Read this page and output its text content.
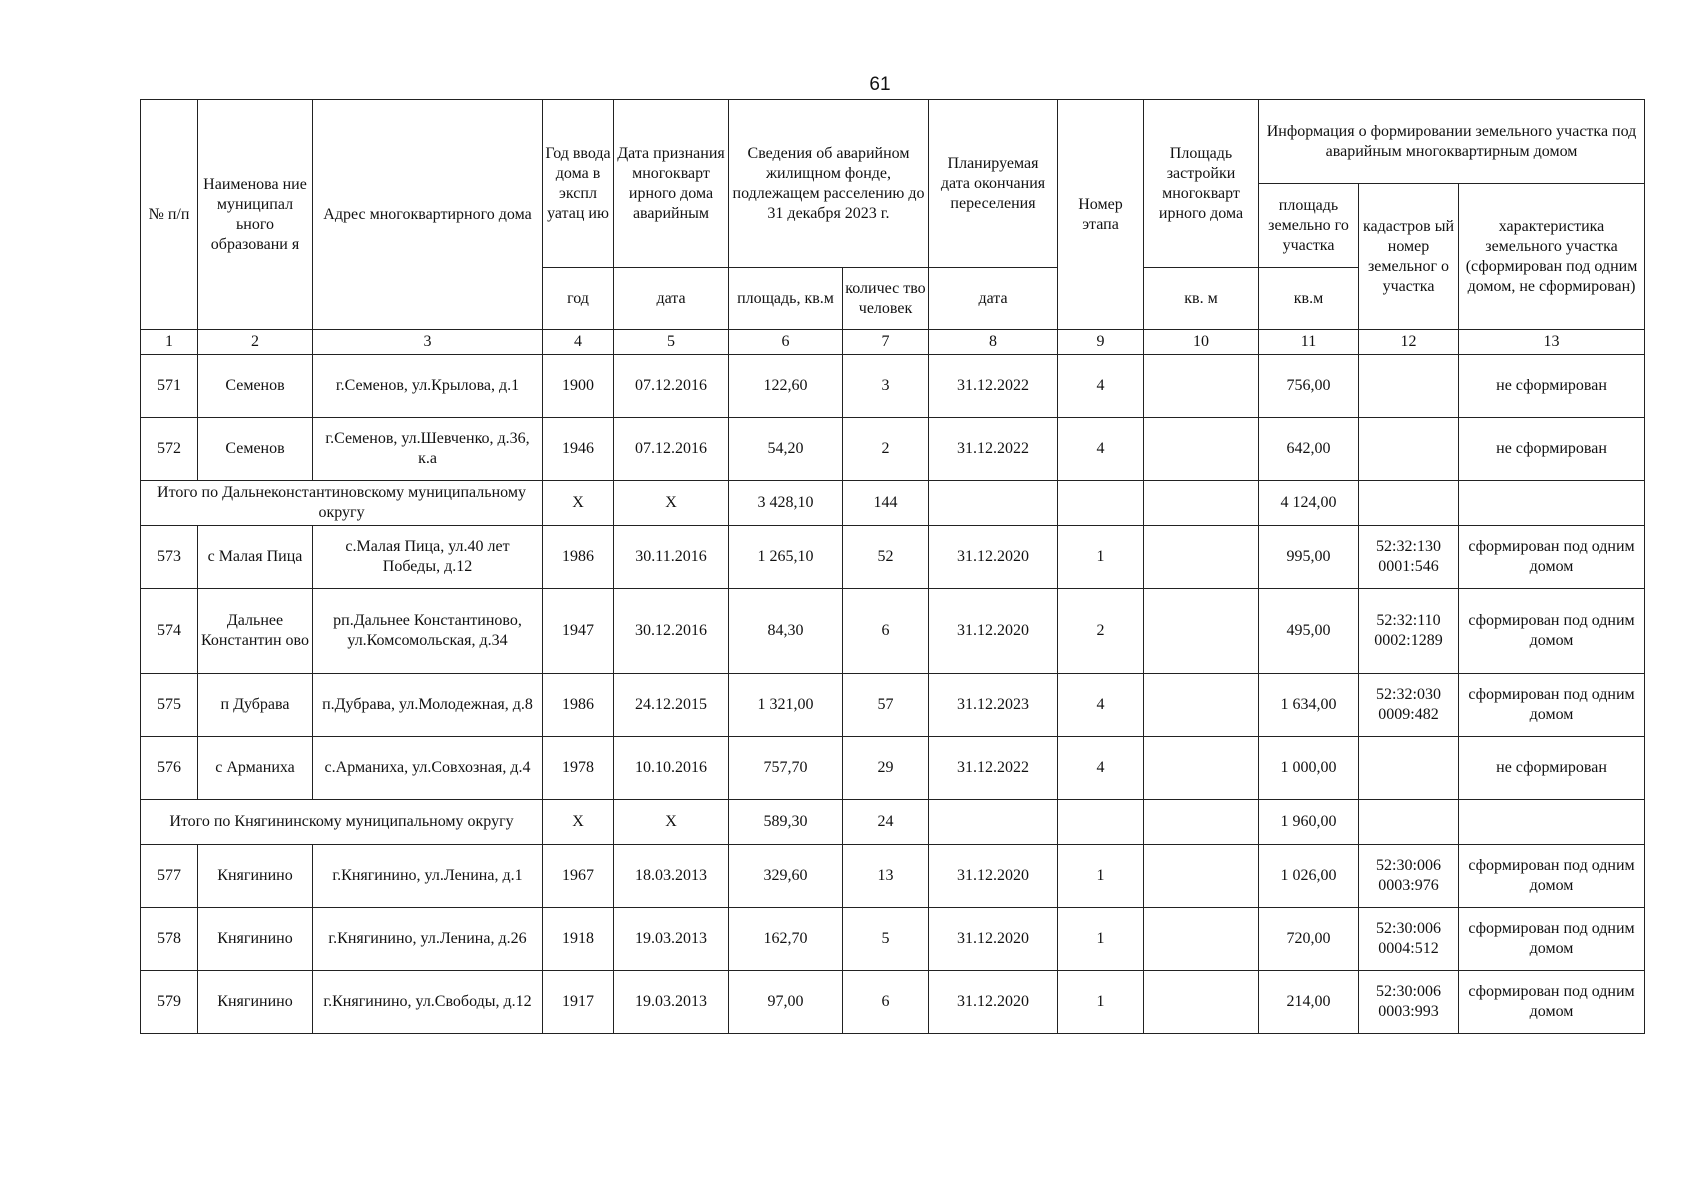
61
№ п/п	Наименова ние муниципал ьного образовани я	Адрес многоквартирного дома	Год ввода дома в экспл уатац ию	Дата признания многокварт ирного дома аварийным	Сведения об аварийном жилищном фонде, подлежащем расселению до 31 декабря 2023 г.		Планируемая дата окончания переселения	Номер этапа	Площадь застройки многокварт ирного дома	Информация о формировании земельного участка под аварийным многоквартирным домом		
										площадь земельно го участка	кадастров ый номер земельног о участка	характеристика земельного участка (сформирован под одним домом, не сформирован)
			год	дата	площадь, кв.м	количес тво человек	дата		кв. м	кв.м		
1	2	3	4	5	6	7	8	9	10	11	12	13
571	Семенов	г.Семенов, ул.Крылова, д.1	1900	07.12.2016	122,60	3	31.12.2022	4		756,00		не сформирован
572	Семенов	г.Семенов, ул.Шевченко, д.36, к.а	1946	07.12.2016	54,20	2	31.12.2022	4		642,00		не сформирован
Итого по Дальнеконстантиновскому муниципальному округу			X	X	3 428,10	144				4 124,00		
573	с Малая Пица	с.Малая Пица, ул.40 лет Победы, д.12	1986	30.11.2016	1 265,10	52	31.12.2020	1		995,00	52:32:130 0001:546	сформирован под одним домом
574	Дальнее Константин ово	рп.Дальнее Константиново, ул.Комсомольская, д.34	1947	30.12.2016	84,30	6	31.12.2020	2		495,00	52:32:110 0002:1289	сформирован под одним домом
575	п Дубрава	п.Дубрава, ул.Молодежная, д.8	1986	24.12.2015	1 321,00	57	31.12.2023	4		1 634,00	52:32:030 0009:482	сформирован под одним домом
576	с Арманиха	с.Арманиха, ул.Совхозная, д.4	1978	10.10.2016	757,70	29	31.12.2022	4		1 000,00		не сформирован
Итого по Княгининскому муниципальному округу			X	X	589,30	24				1 960,00		
577	Княгинино	г.Княгинино, ул.Ленина, д.1	1967	18.03.2013	329,60	13	31.12.2020	1		1 026,00	52:30:006 0003:976	сформирован под одним домом
578	Княгинино	г.Княгинино, ул.Ленина, д.26	1918	19.03.2013	162,70	5	31.12.2020	1		720,00	52:30:006 0004:512	сформирован под одним домом
579	Княгинино	г.Княгинино, ул.Свободы, д.12	1917	19.03.2013	97,00	6	31.12.2020	1		214,00	52:30:006 0003:993	сформирован под одним домом
